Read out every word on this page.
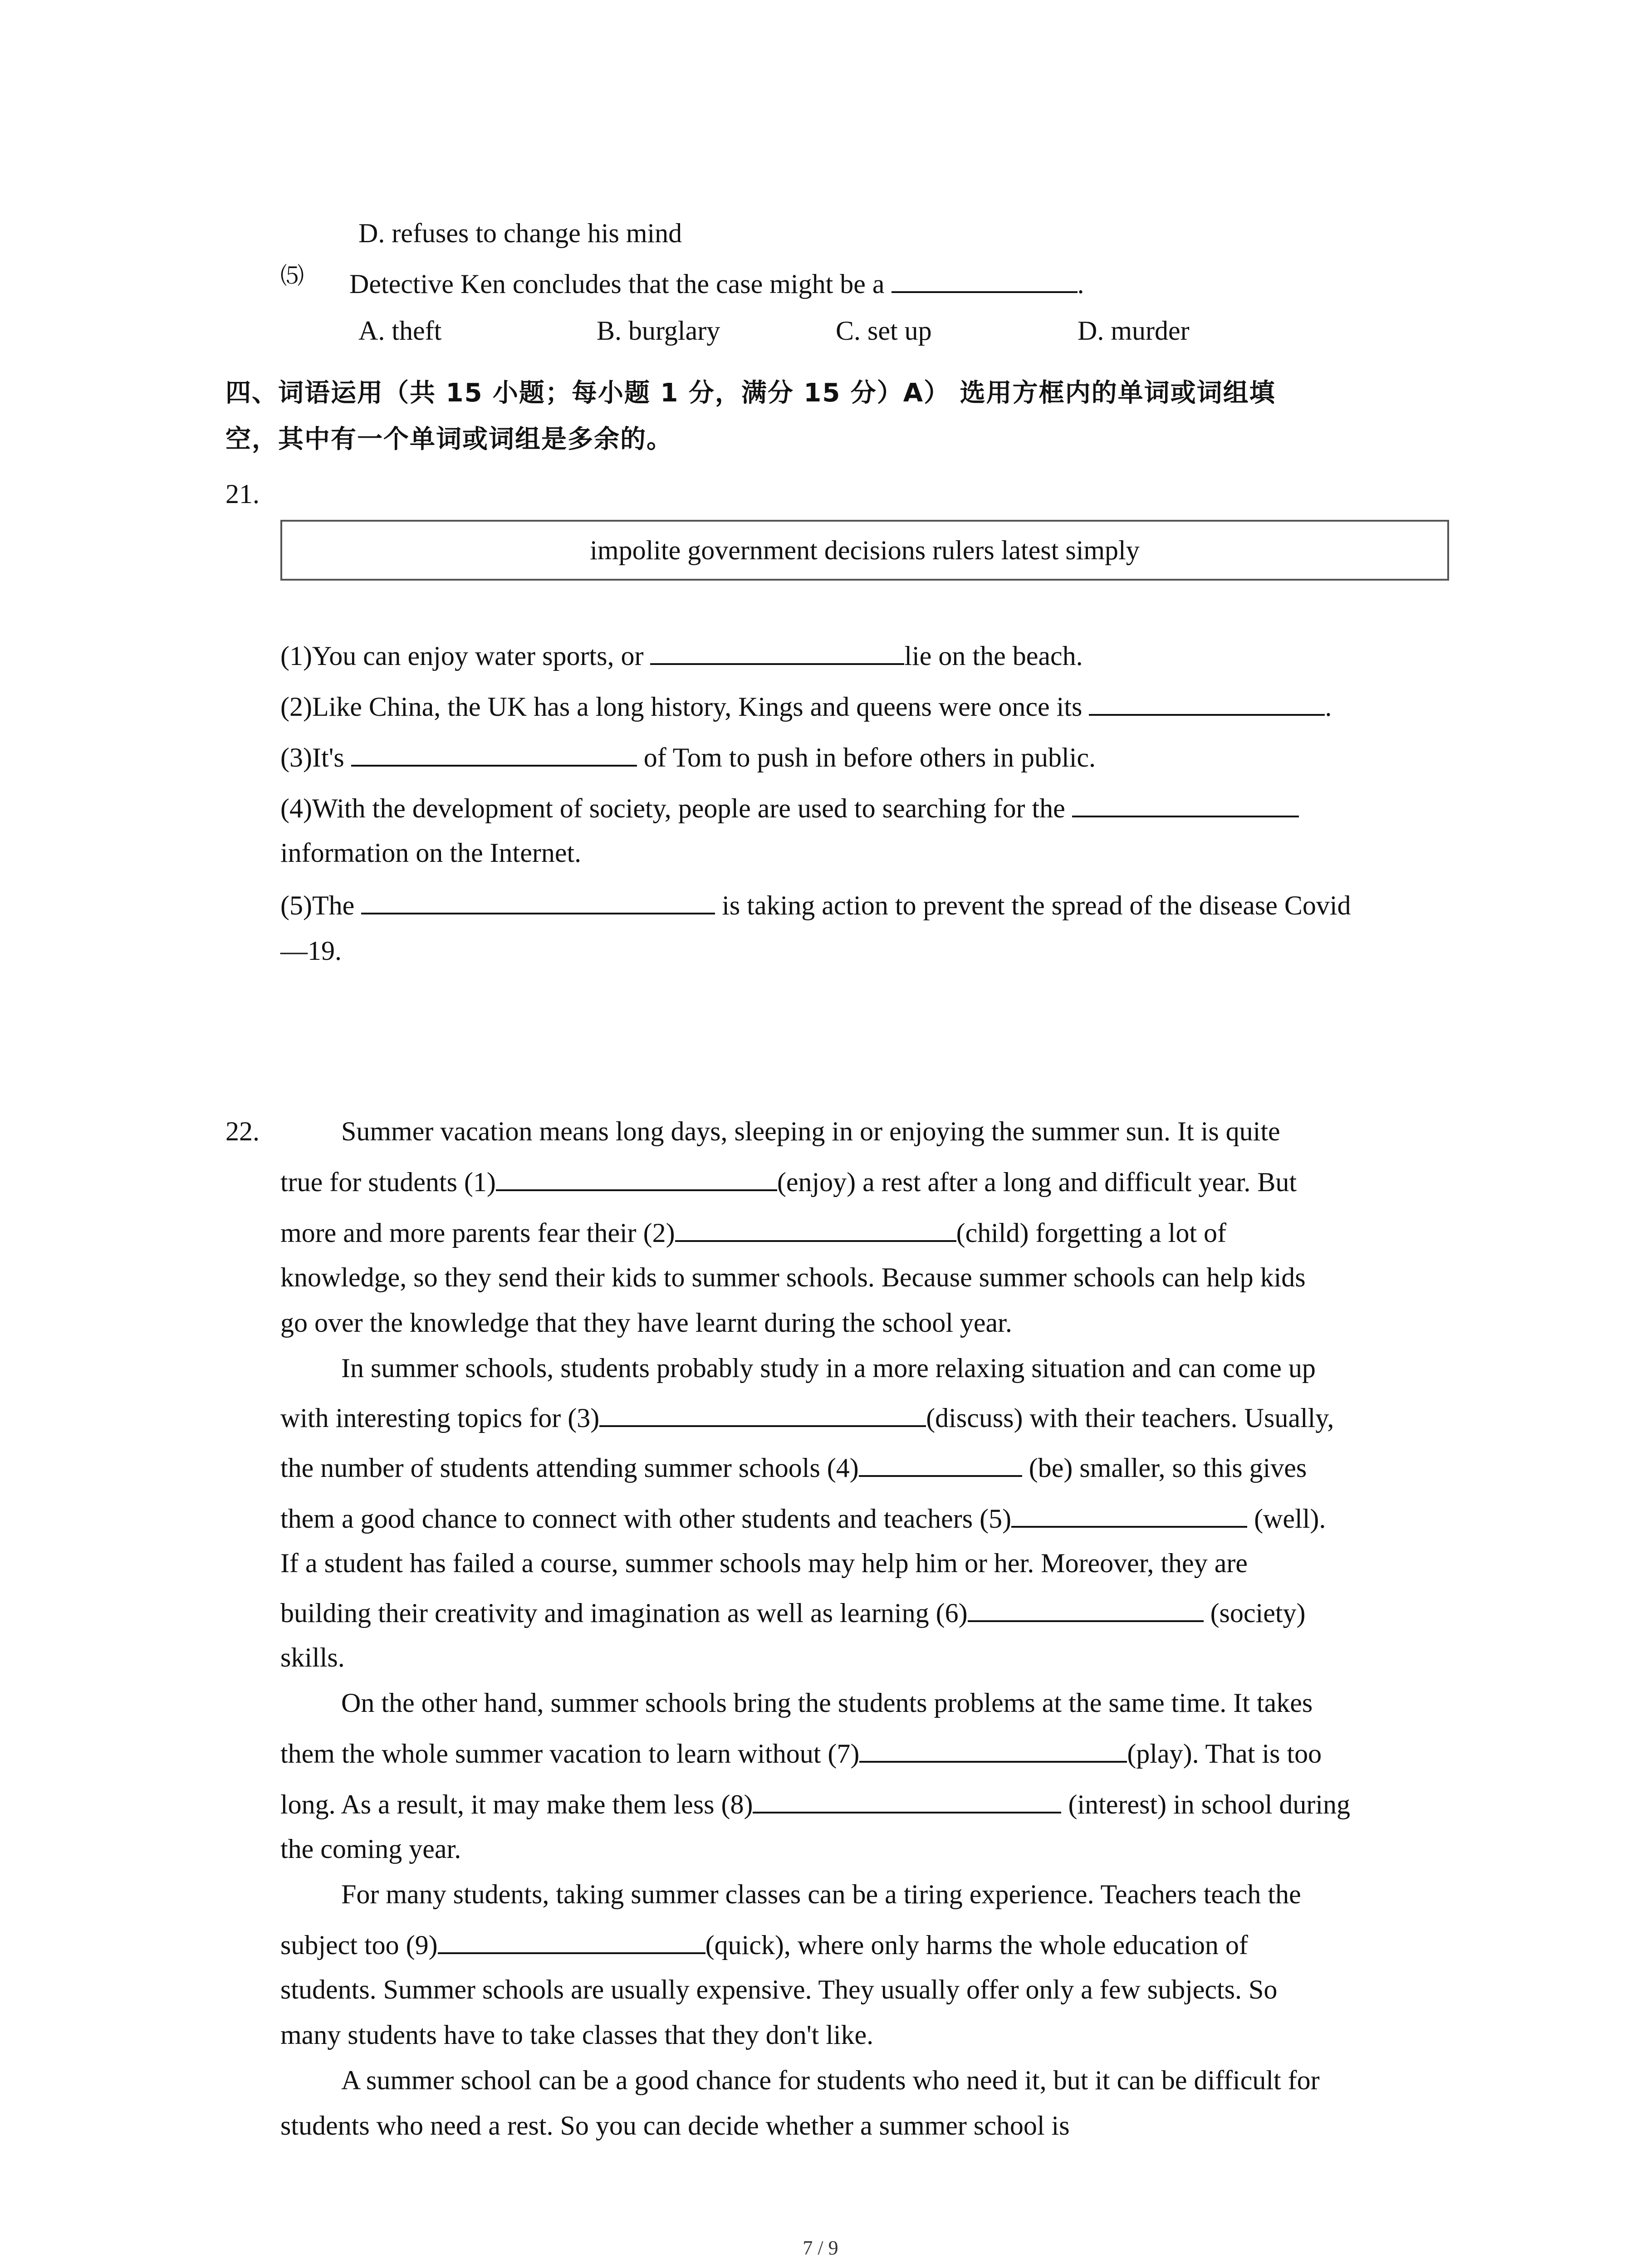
D. refuses to change his mind
⑸ Detective Ken concludes that the case might be a	.
A. theft	B. burglary	C. set up	D. murder
四、词语运用（共 15 小题；每小题 1 分，满分 15 分）A） 选用方框内的单词或词组填
空，其中有一个单词或词组是多余的。
21.
impolite government decisions rulers latest simply
(1)You can enjoy water sports, or	lie on the beach.
(2)Like China, the UK has a long history, Kings and queens were once its	.
(3)It's	of Tom to push in before others in public.
(4)With the development of society, people are used to searching for the
information on the Internet.
(5)The	is taking action to prevent the spread of the disease Covid
—19.
22.	Summer vacation means long days, sleeping in or enjoying the summer sun. It is quite
true for students (1)	(enjoy) a rest after a long and difficult year. But
more and more parents fear their (2)	(child) forgetting a lot of
knowledge, so they send their kids to summer schools. Because summer schools can help kids
go over the knowledge that they have learnt during the school year.
In summer schools, students probably study in a more relaxing situation and can come up
with interesting topics for (3)	(discuss) with their teachers. Usually,
the number of students attending summer schools (4)	(be) smaller, so this gives
them a good chance to connect with other students and teachers (5)	(well).
If a student has failed a course, summer schools may help him or her. Moreover, they are
building their creativity and imagination as well as learning (6)	(society)
skills.
On the other hand, summer schools bring the students problems at the same time. It takes
them the whole summer vacation to learn without (7)	(play). That is too
long. As a result, it may make them less (8)	(interest) in school during
the coming year.
For many students, taking summer classes can be a tiring experience. Teachers teach the
subject too (9)	(quick), where only harms the whole education of
students. Summer schools are usually expensive. They usually offer only a few subjects. So
many students have to take classes that they don't like.
A summer school can be a good chance for students who need it, but it can be difficult for
students who need a rest. So you can decide whether a summer school is
7 / 9
